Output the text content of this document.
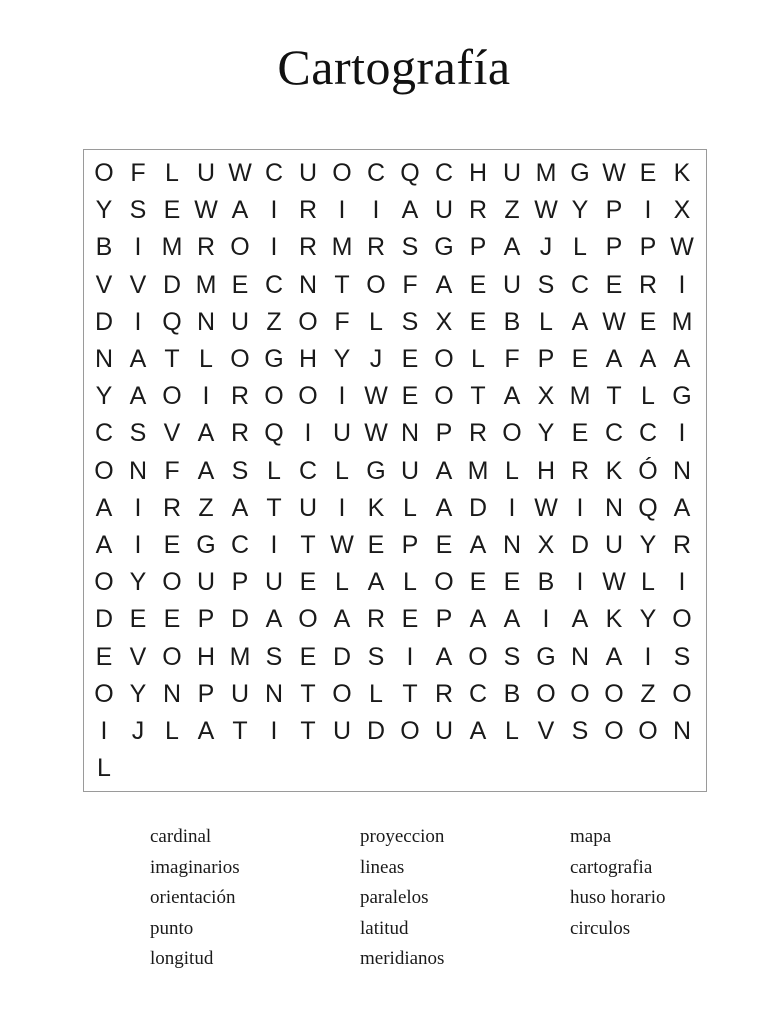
Cartografía
O F L U W C U O C Q C H U M G W E K
Y S E W A I R I	I A U R Z W Y P I X
B I M R O I R M R S G P A J L P P W
V V D M E C N T O F A E U S C E R I
D I Q N U Z O F L S X E B L A W E M
N A T L O G H Y J E O L F P E A A A
Y A O I R O O I W E O T A X M T L G
C S V A R Q I U W N P R O Y E C C I
O N F A S L C L G U A M L H R K Ó N
A I R Z A T U I K L A D I W I N Q A
A I E G C I T W E P E A N X D U Y R
O Y O U P U E L A L O E E B I W L I
D E E P D A O A R E P A A I A K Y O
E V O H M S E D S I A O S G N A I S
O Y N P U N T O L T R C B O O O Z O
I J L A T I T U D O U A L V S O O N
L
cardinal
imaginarios
orientación
punto
longitud
proyeccion
lineas
paralelos
latitud
meridianos
mapa
cartografia
huso horario
circulos
